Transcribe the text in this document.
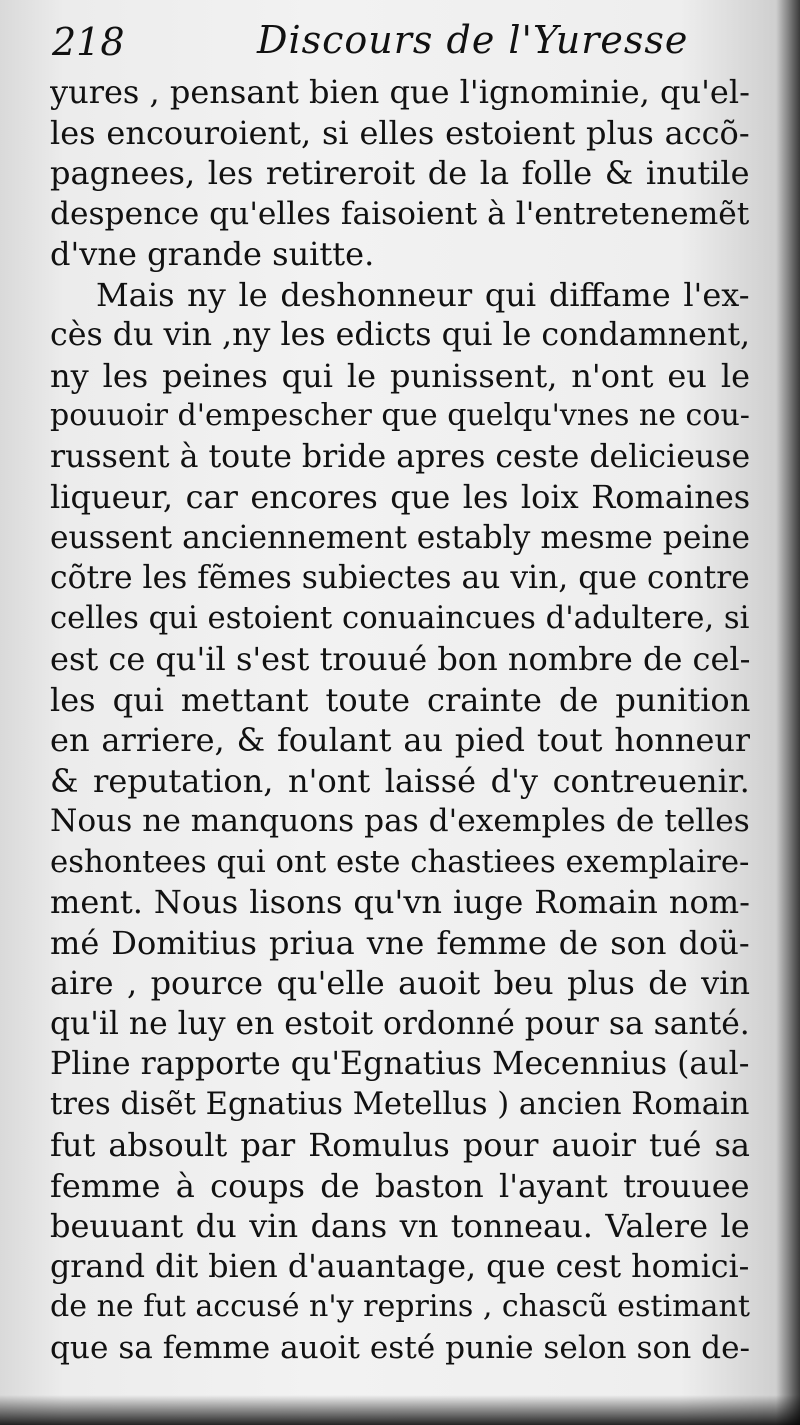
218	Discours de l'Yuresse
yures , pensant bien que l'ignominie, qu'el-
les encouroient, si elles estoient plus accõ-
pagnees, les retireroit de la folle & inutile
despence qu'elles faisoient à l'entretenemẽt
d'vne grande suitte.
Mais ny le deshonneur qui diffame l'ex-
cès du vin ,ny les edicts qui le condamnent,
ny les peines qui le punissent, n'ont eu le
pouuoir d'empescher que quelqu'vnes ne cou-
russent à toute bride apres ceste delicieuse
liqueur, car encores que les loix Romaines
eussent anciennement estably mesme peine
cõtre les fẽmes subiectes au vin, que contre
celles qui estoient conuaincues d'adultere, si
est ce qu'il s'est trouué bon nombre de cel-
les qui mettant toute crainte de punition
en arriere, & foulant au pied tout honneur
& reputation, n'ont laissé d'y contreuenir.
Nous ne manquons pas d'exemples de telles
eshontees qui ont este chastiees exemplaire-
ment. Nous lisons qu'vn iuge Romain nom-
mé Domitius priua vne femme de son doü-
aire , pource qu'elle auoit beu plus de vin
qu'il ne luy en estoit ordonné pour sa santé.
Pline rapporte qu'Egnatius Mecennius (aul-
tres disẽt Egnatius Metellus ) ancien Romain
fut absoult par Romulus pour auoir tué sa
femme à coups de baston l'ayant trouuee
beuuant du vin dans vn tonneau. Valere le
grand dit bien d'auantage, que cest homici-
de ne fut accusé n'y reprins , chascũ estimant
que sa femme auoit esté punie selon son de-
